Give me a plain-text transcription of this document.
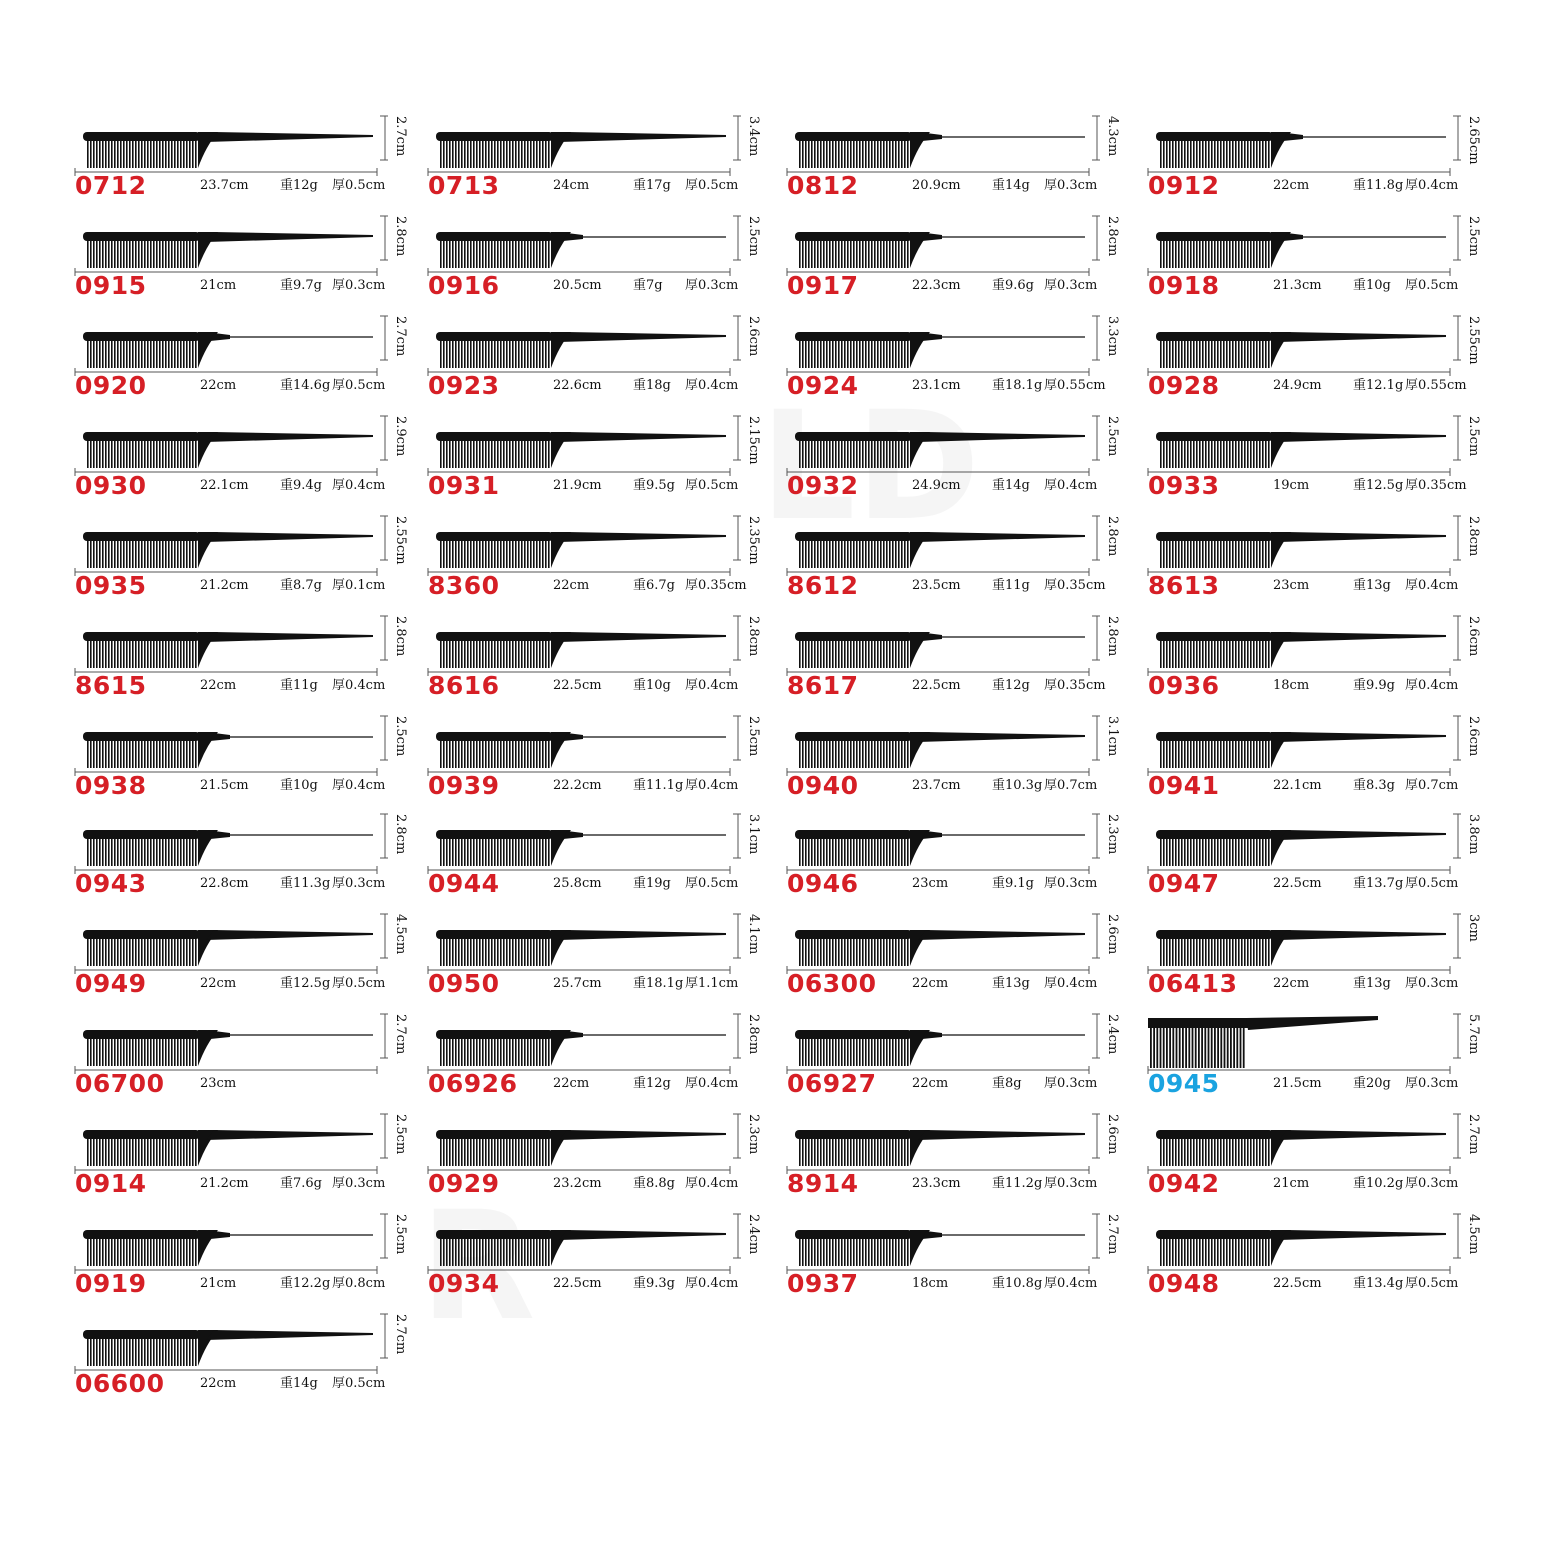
0712	23.7cm 重12g 厚0.5cm
2.7cm
0713	24cm	重17g 厚0.5cm
3.4cm
0812	20.9cm 重14g 厚0.3cm
4.3cm
0912	22cm	重11.8g 厚0.4cm
2.65cm
0915	21cm	重9.7g 厚0.3cm
2.8cm
0916	20.5cm 重7g 厚0.3cm
2.5cm
0917	22.3cm 重9.6g 厚0.3cm
2.8cm
0918	21.3cm 重10g 厚0.5cm
2.5cm
0920	22cm	重14.6g 厚0.5cm
2.7cm
0923	22.6cm 重18g 厚0.4cm
2.6cm
0924	23.1cm 重18.1g 厚0.55cm
3.3cm
0928	24.9cm 重12.1g 厚0.55cm
2.55cm
0930	22.1cm 重9.4g 厚0.4cm
2.9cm
0931	21.9cm 重9.5g 厚0.5cm
2.15cm
0932	24.9cm 重14g 厚0.4cm
2.5cm
0933	19cm	重12.5g 厚0.35cm
2.5cm
0935	21.2cm 重8.7g 厚0.1cm
2.55cm
8360	22cm	重6.7g 厚0.35cm
2.35cm
8612	23.5cm 重11g 厚0.35cm
2.8cm
8613	23cm	重13g 厚0.4cm
2.8cm
8615	22cm	重11g 厚0.4cm
2.8cm
8616	22.5cm 重10g 厚0.4cm
2.8cm
8617	22.5cm 重12g 厚0.35cm
2.8cm
0936	18cm	重9.9g 厚0.4cm
2.6cm
0938	21.5cm 重10g 厚0.4cm
2.5cm
0939	22.2cm 重11.1g 厚0.4cm
2.5cm
0940	23.7cm 重10.3g 厚0.7cm
3.1cm
0941	22.1cm 重8.3g 厚0.7cm
2.6cm
0943	22.8cm 重11.3g 厚0.3cm
2.8cm
0944	25.8cm 重19g 厚0.5cm
3.1cm
0946	23cm	重9.1g 厚0.3cm
2.3cm
0947	22.5cm 重13.7g 厚0.5cm
3.8cm
0949	22cm	重12.5g 厚0.5cm
4.5cm
0950	25.7cm 重18.1g 厚1.1cm
4.1cm
06300	22cm	重13g 厚0.4cm
2.6cm
06413	22cm	重13g 厚0.3cm
3cm
06700	23cm
2.7cm
06926	22cm	重12g 厚0.4cm
2.8cm
06927	22cm	重8g 厚0.3cm
2.4cm
0945	21.5cm 重20g 厚0.3cm
5.7cm
0914	21.2cm 重7.6g 厚0.3cm
2.5cm
0929	23.2cm 重8.8g 厚0.4cm
2.3cm
8914	23.3cm 重11.2g 厚0.3cm
2.6cm
0942	21cm	重10.2g 厚0.3cm
2.7cm
0919	21cm	重12.2g 厚0.8cm
2.5cm
0934	22.5cm 重9.3g 厚0.4cm
2.4cm
0937	18cm	重10.8g 厚0.4cm
2.7cm
0948	22.5cm 重13.4g 厚0.5cm
4.5cm
06600	22cm	重14g 厚0.5cm
2.7cm
